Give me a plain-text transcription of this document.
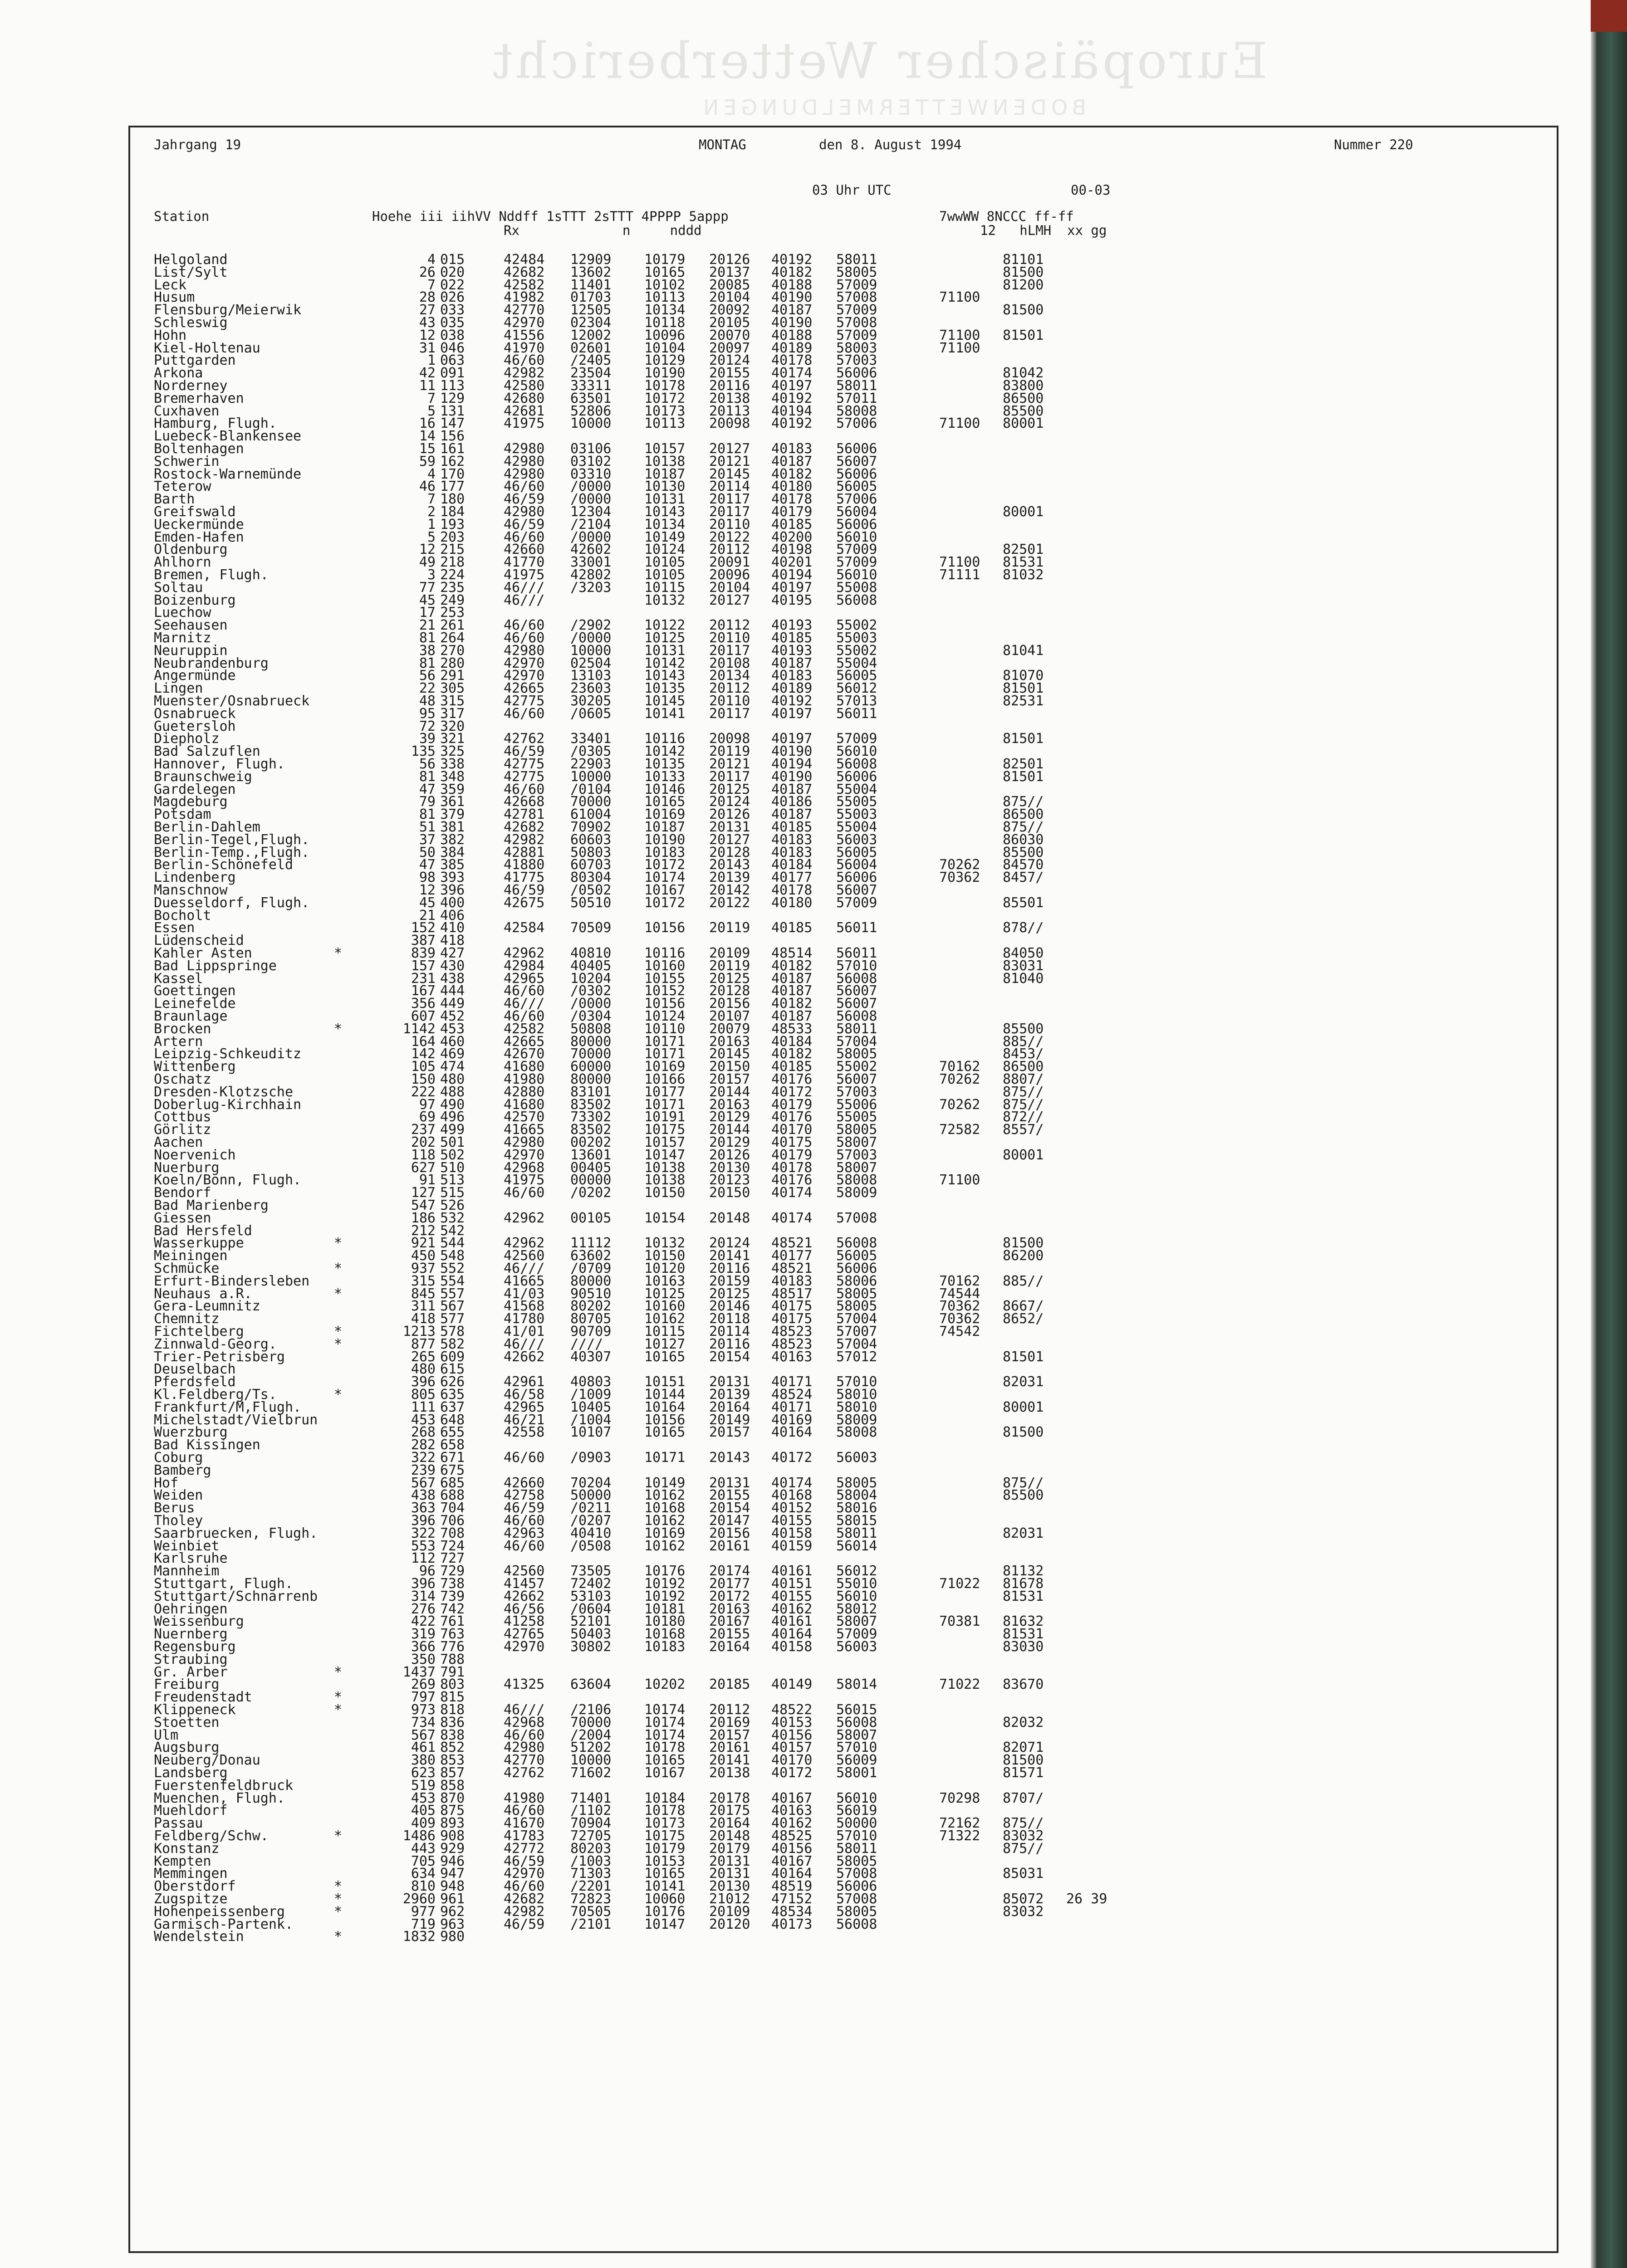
Europäischer Wetterbericht
BODENWETTERMELDUNGEN
Jahrgang 19	MONTAG	den 8. August 1994	Nummer 220
03 Uhr UTC	00-03
Station	Hoehe iii iihVV Nddff 1sTTT 2sTTT 4PPPP 5appp
Rx             n     nddd
7wwWW 8NCCC ff-ff
12   hLMH  xx gg
Helgoland	4 015	42484 12909 10179 20126 40192 58011	81101
List/Sylt	26 020	42682 13602 10165 20137 40182 58005	81500
Leck	7 022	42582 11401 10102 20085 40188 57009	81200
Husum	28 026	41982 01703 10113 20104 40190 57008	71100
Flensburg/Meierwik	27 033	42770 12505 10134 20092 40187 57009	81500
Schleswig	43 035	42970 02304 10118 20105 40190 57008
Hohn	12 038	41556 12002 10096 20070 40188 57009	71100 81501
Kiel-Holtenau	31 046	41970 02601 10104 20097 40189 58003	71100
Puttgarden	1 063	46/60 /2405 10129 20124 40178 57003
Arkona	42 091	42982 23504 10190 20155 40174 56006	81042
Norderney	11 113	42580 33311 10178 20116 40197 58011	83800
Bremerhaven	7 129	42680 63501 10172 20138 40192 57011	86500
Cuxhaven	5 131	42681 52806 10173 20113 40194 58008	85500
Hamburg, Flugh.	16 147	41975 10000 10113 20098 40192 57006	71100 80001
Luebeck-Blankensee	14 156
Boltenhagen	15 161	42980 03106 10157 20127 40183 56006
Schwerin	59 162	42980 03102 10138 20121 40187 56007
Rostock-Warnemünde	4 170	42980 03310 10187 20145 40182 56006
Teterow	46 177	46/60 /0000 10130 20114 40180 56005
Barth	7 180	46/59 /0000 10131 20117 40178 57006
Greifswald	2 184	42980 12304 10143 20117 40179 56004	80001
Ueckermünde	1 193	46/59 /2104 10134 20110 40185 56006
Emden-Hafen	5 203	46/60 /0000 10149 20122 40200 56010
Oldenburg	12 215	42660 42602 10124 20112 40198 57009	82501
Ahlhorn	49 218	41770 33001 10105 20091 40201 57009	71100 81531
Bremen, Flugh.	3 224	41975 42802 10105 20096 40194 56010	71111 81032
Soltau	77 235	46/// /3203 10115 20104 40197 55008
Boizenburg	45 249	46///	10132 20127 40195 56008
Luechow	17 253
Seehausen	21 261	46/60 /2902 10122 20112 40193 55002
Marnitz	81 264	46/60 /0000 10125 20110 40185 55003
Neuruppin	38 270	42980 10000 10131 20117 40193 55002	81041
Neubrandenburg	81 280	42970 02504 10142 20108 40187 55004
Angermünde	56 291	42970 13103 10143 20134 40183 56005	81070
Lingen	22 305	42665 23603 10135 20112 40189 56012	81501
Muenster/Osnabrueck	48 315	42775 30205 10145 20110 40192 57013	82531
Osnabrueck	95 317	46/60 /0605 10141 20117 40197 56011
Guetersloh	72 320
Diepholz	39 321	42762 33401 10116 20098 40197 57009	81501
Bad Salzuflen	135 325	46/59 /0305 10142 20119 40190 56010
Hannover, Flugh.	56 338	42775 22903 10135 20121 40194 56008	82501
Braunschweig	81 348	42775 10000 10133 20117 40190 56006	81501
Gardelegen	47 359	46/60 /0104 10146 20125 40187 55004
Magdeburg	79 361	42668 70000 10165 20124 40186 55005	875//
Potsdam	81 379	42781 61004 10169 20126 40187 55003	86500
Berlin-Dahlem	51 381	42682 70902 10187 20131 40185 55004	875//
Berlin-Tegel,Flugh.	37 382	42982 60603 10190 20127 40183 56003	86030
Berlin-Temp.,Flugh.	50 384	42881 50803 10183 20128 40183 56005	85500
Berlin-Schönefeld	47 385	41880 60703 10172 20143 40184 56004	70262 84570
Lindenberg	98 393	41775 80304 10174 20139 40177 56006	70362 8457/
Manschnow	12 396	46/59 /0502 10167 20142 40178 56007
Duesseldorf, Flugh.	45 400	42675 50510 10172 20122 40180 57009	85501
Bocholt	21 406
Essen	152 410	42584 70509 10156 20119 40185 56011	878//
Lüdenscheid	387 418
Kahler Asten	*	839 427	42962 40810 10116 20109 48514 56011	84050
Bad Lippspringe	157 430	42984 40405 10160 20119 40182 57010	83031
Kassel	231 438	42965 10204 10155 20125 40187 56008	81040
Goettingen	167 444	46/60 /0302 10152 20128 40187 56007
Leinefelde	356 449	46/// /0000 10156 20156 40182 56007
Braunlage	607 452	46/60 /0304 10124 20107 40187 56008
Brocken	*	1142 453	42582 50808 10110 20079 48533 58011	85500
Artern	164 460	42665 80000 10171 20163 40184 57004	885//
Leipzig-Schkeuditz	142 469	42670 70000 10171 20145 40182 58005	8453/
Wittenberg	105 474	41680 60000 10169 20150 40185 55002	70162 86500
Oschatz	150 480	41980 80000 10166 20157 40176 56007	70262 8807/
Dresden-Klotzsche	222 488	42880 83101 10177 20144 40172 57003	875//
Doberlug-Kirchhain	97 490	41680 83502 10171 20163 40179 55006	70262 875//
Cottbus	69 496	42570 73302 10191 20129 40176 55005	872//
Görlitz	237 499	41665 83502 10175 20144 40170 58005	72582 8557/
Aachen	202 501	42980 00202 10157 20129 40175 58007
Noervenich	118 502	42970 13601 10147 20126 40179 57003	80001
Nuerburg	627 510	42968 00405 10138 20130 40178 58007
Koeln/Bonn, Flugh.	91 513	41975 00000 10138 20123 40176 58008	71100
Bendorf	127 515	46/60 /0202 10150 20150 40174 58009
Bad Marienberg	547 526
Giessen	186 532	42962 00105 10154 20148 40174 57008
Bad Hersfeld	212 542
Wasserkuppe	*	921 544	42962 11112 10132 20124 48521 56008	81500
Meiningen	450 548	42560 63602 10150 20141 40177 56005	86200
Schmücke	*	937 552	46/// /0709 10120 20116 48521 56006
Erfurt-Bindersleben	315 554	41665 80000 10163 20159 40183 58006	70162 885//
Neuhaus a.R.	*	845 557	41/03 90510 10125 20125 48517 58005	74544
Gera-Leumnitz	311 567	41568 80202 10160 20146 40175 58005	70362 8667/
Chemnitz	418 577	41780 80705 10162 20118 40175 57004	70362 8652/
Fichtelberg	*	1213 578	41/01 90709 10115 20114 48523 57007	74542
Zinnwald-Georg.	*	877 582	46/// ////	10127 20116 48523 57004
Trier-Petrisberg	265 609	42662 40307 10165 20154 40163 57012	81501
Deuselbach	480 615
Pferdsfeld	396 626	42961 40803 10151 20131 40171 57010	82031
Kl.Feldberg/Ts.	*	805 635	46/58 /1009 10144 20139 48524 58010
Frankfurt/M,Flugh.	111 637	42965 10405 10164 20164 40171 58010	80001
Michelstadt/Vielbrun	453 648	46/21 /1004 10156 20149 40169 58009
Wuerzburg	268 655	42558 10107 10165 20157 40164 58008	81500
Bad Kissingen	282 658
Coburg	322 671	46/60 /0903 10171 20143 40172 56003
Bamberg	239 675
Hof	567 685	42660 70204 10149 20131 40174 58005	875//
Weiden	438 688	42758 50000 10162 20155 40168 58004	85500
Berus	363 704	46/59 /0211 10168 20154 40152 58016
Tholey	396 706	46/60 /0207 10162 20147 40155 58015
Saarbruecken, Flugh.	322 708	42963 40410 10169 20156 40158 58011	82031
Weinbiet	553 724	46/60 /0508 10162 20161 40159 56014
Karlsruhe	112 727
Mannheim	96 729	42560 73505 10176 20174 40161 56012	81132
Stuttgart, Flugh.	396 738	41457 72402 10192 20177 40151 55010	71022 81678
Stuttgart/Schnarrenb	314 739	42662 53103 10192 20172 40155 56010	81531
Oehringen	276 742	46/56 /0604 10181 20163 40162 58012
Weissenburg	422 761	41258 52101 10180 20167 40161 58007	70381 81632
Nuernberg	319 763	42765 50403 10168 20155 40164 57009	81531
Regensburg	366 776	42970 30802 10183 20164 40158 56003	83030
Straubing	350 788
Gr. Arber	*	1437 791
Freiburg	269 803	41325 63604 10202 20185 40149 58014	71022 83670
Freudenstadt	*	797 815
Klippeneck	*	973 818	46/// /2106 10174 20112 48522 56015
Stoetten	734 836	42968 70000 10174 20169 40153 56008	82032
Ulm	567 838	46/60 /2004 10174 20157 40156 58007
Augsburg	461 852	42980 51202 10178 20161 40157 57010	82071
Neuberg/Donau	380 853	42770 10000 10165 20141 40170 56009	81500
Landsberg	623 857	42762 71602 10167 20138 40172 58001	81571
Fuerstenfeldbruck	519 858
Muenchen, Flugh.	453 870	41980 71401 10184 20178 40167 56010	70298 8707/
Muehldorf	405 875	46/60 /1102 10178 20175 40163 56019
Passau	409 893	41670 70904 10173 20164 40162 50000	72162 875//
Feldberg/Schw.	*	1486 908	41783 72705 10175 20148 48525 57010	71322 83032
Konstanz	443 929	42772 80203 10179 20179 40156 58011	875//
Kempten	705 946	46/59 /1003 10153 20131 40167 58005
Memmingen	634 947	42970 71303 10165 20131 40164 57008	85031
Oberstdorf	*	810 948	46/60 /2201 10141 20130 48519 56006
Zugspitze	*	2960 961	42682 72823 10060 21012 47152 57008	85072 26 39
Hohenpeissenberg	*	977 962	42982 70505 10176 20109 48534 58005	83032
Garmisch-Partenk.	719 963	46/59 /2101 10147 20120 40173 56008
Wendelstein	*	1832 980
